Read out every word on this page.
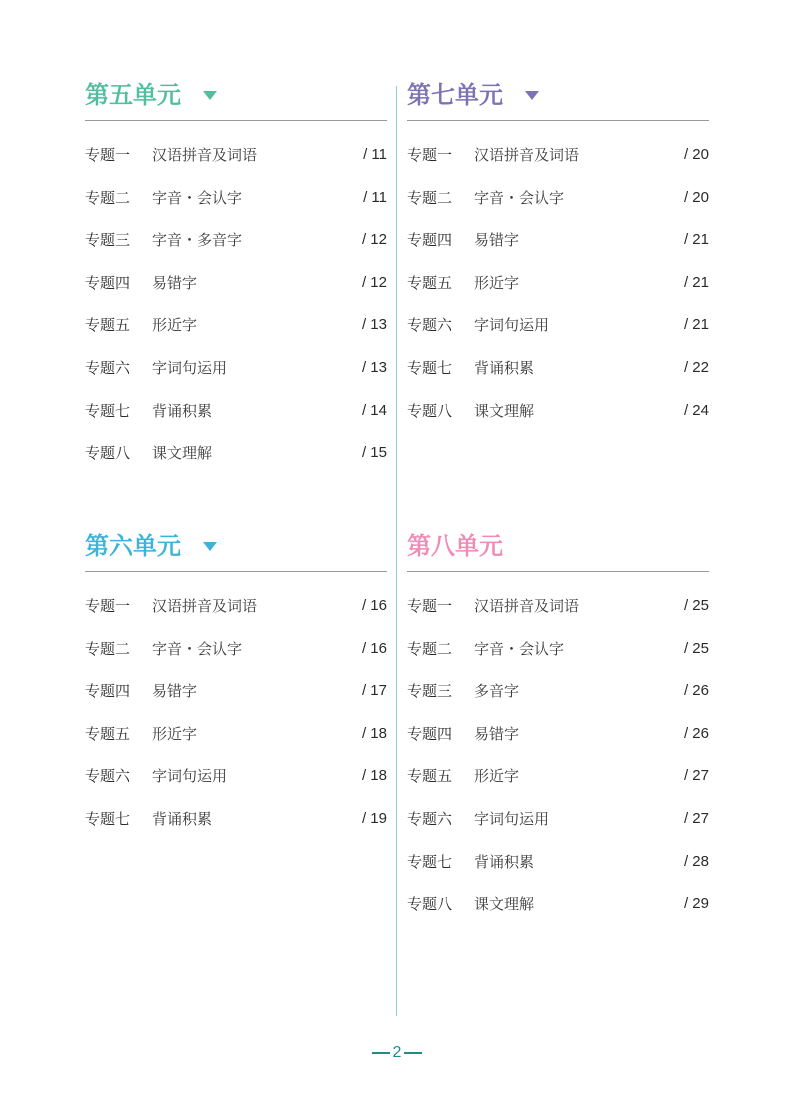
第五单元
专题一 汉语拼音及词语	/ 11
专题二 字音・会认字	/ 11
专题三 字音・多音字	/ 12
专题四 易错字	/ 12
专题五 形近字	/ 13
专题六 字词句运用	/ 13
专题七 背诵积累	/ 14
专题八 课文理解	/ 15
第六单元
专题一 汉语拼音及词语	/ 16
专题二 字音・会认字	/ 16
专题四 易错字	/ 17
专题五 形近字	/ 18
专题六 字词句运用	/ 18
专题七 背诵积累	/ 19
第七单元
专题一 汉语拼音及词语	/ 20
专题二 字音・会认字	/ 20
专题四 易错字	/ 21
专题五 形近字	/ 21
专题六 字词句运用	/ 21
专题七 背诵积累	/ 22
专题八 课文理解	/ 24
第八单元
专题一 汉语拼音及词语	/ 25
专题二 字音・会认字	/ 25
专题三 多音字	/ 26
专题四 易错字	/ 26
专题五 形近字	/ 27
专题六 字词句运用	/ 27
专题七 背诵积累	/ 28
专题八 课文理解	/ 29
2
